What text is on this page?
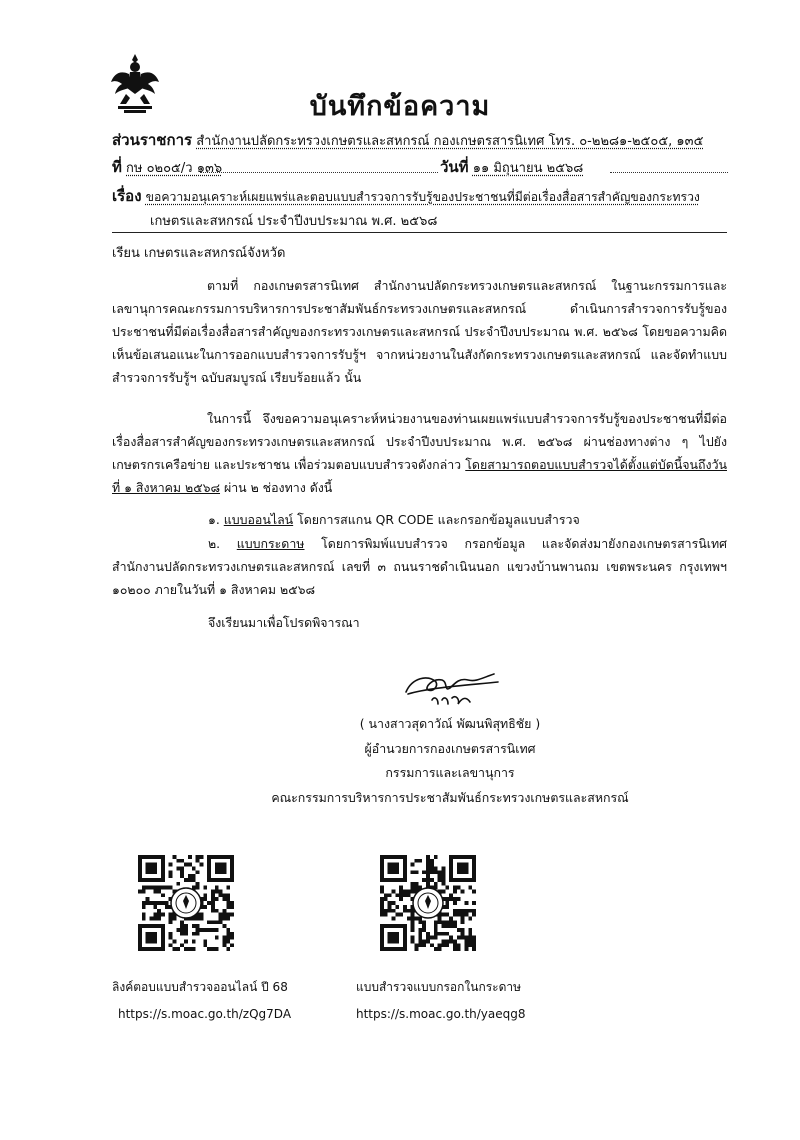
บันทึกข้อความ
ส่วนราชการ สำนักงานปลัดกระทรวงเกษตรและสหกรณ์ กองเกษตรสารนิเทศ โทร. ๐-๒๒๘๑-๒๕๐๕, ๑๓๕
ที่ กษ ๐๒๐๕/ว ๑๓๖	วันที่ ๑๑ มิถุนายน ๒๕๖๘
เรื่อง ขอความอนุเคราะห์เผยแพร่และตอบแบบสำรวจการรับรู้ของประชาชนที่มีต่อเรื่องสื่อสารสำคัญของกระทรวง
เกษตรและสหกรณ์ ประจำปีงบประมาณ พ.ศ. ๒๕๖๘
เรียน เกษตรและสหกรณ์จังหวัด
ตามที่ กองเกษตรสารนิเทศ สำนักงานปลัดกระทรวงเกษตรและสหกรณ์ ในฐานะกรรมการและเลขานุการคณะกรรมการบริหารการประชาสัมพันธ์กระทรวงเกษตรและสหกรณ์ ดำเนินการสำรวจการรับรู้ของประชาชนที่มีต่อเรื่องสื่อสารสำคัญของกระทรวงเกษตรและสหกรณ์ ประจำปีงบประมาณ พ.ศ. ๒๕๖๘ โดยขอความคิดเห็นข้อเสนอแนะในการออกแบบสำรวจการรับรู้ฯ จากหน่วยงานในสังกัดกระทรวงเกษตรและสหกรณ์ และจัดทำแบบสำรวจการรับรู้ฯ ฉบับสมบูรณ์ เรียบร้อยแล้ว นั้น
ในการนี้ จึงขอความอนุเคราะห์หน่วยงานของท่านเผยแพร่แบบสำรวจการรับรู้ของประชาชนที่มีต่อเรื่องสื่อสารสำคัญของกระทรวงเกษตรและสหกรณ์ ประจำปีงบประมาณ พ.ศ. ๒๕๖๘ ผ่านช่องทางต่าง ๆ ไปยังเกษตรกรเครือข่าย และประชาชน เพื่อร่วมตอบแบบสำรวจดังกล่าว โดยสามารถตอบแบบสำรวจได้ตั้งแต่บัดนี้จนถึงวันที่ ๑ สิงหาคม ๒๕๖๘ ผ่าน ๒ ช่องทาง ดังนี้
๑. แบบออนไลน์ โดยการสแกน QR CODE และกรอกข้อมูลแบบสำรวจ
๒. แบบกระดาษ โดยการพิมพ์แบบสำรวจ กรอกข้อมูล และจัดส่งมายังกองเกษตรสารนิเทศ สำนักงานปลัดกระทรวงเกษตรและสหกรณ์ เลขที่ ๓ ถนนราชดำเนินนอก แขวงบ้านพานถม เขตพระนคร กรุงเทพฯ ๑๐๒๐๐ ภายในวันที่ ๑ สิงหาคม ๒๕๖๘
จึงเรียนมาเพื่อโปรดพิจารณา
( นางสาวสุดาวัณ์ พัฒนพิสุทธิชัย )
ผู้อำนวยการกองเกษตรสารนิเทศ
กรรมการและเลขานุการ
คณะกรรมการบริหารการประชาสัมพันธ์กระทรวงเกษตรและสหกรณ์
ลิงค์ตอบแบบสำรวจออนไลน์ ปี 68
https://s.moac.go.th/zQg7DA
แบบสำรวจแบบกรอกในกระดาษ
https://s.moac.go.th/yaeqg8
